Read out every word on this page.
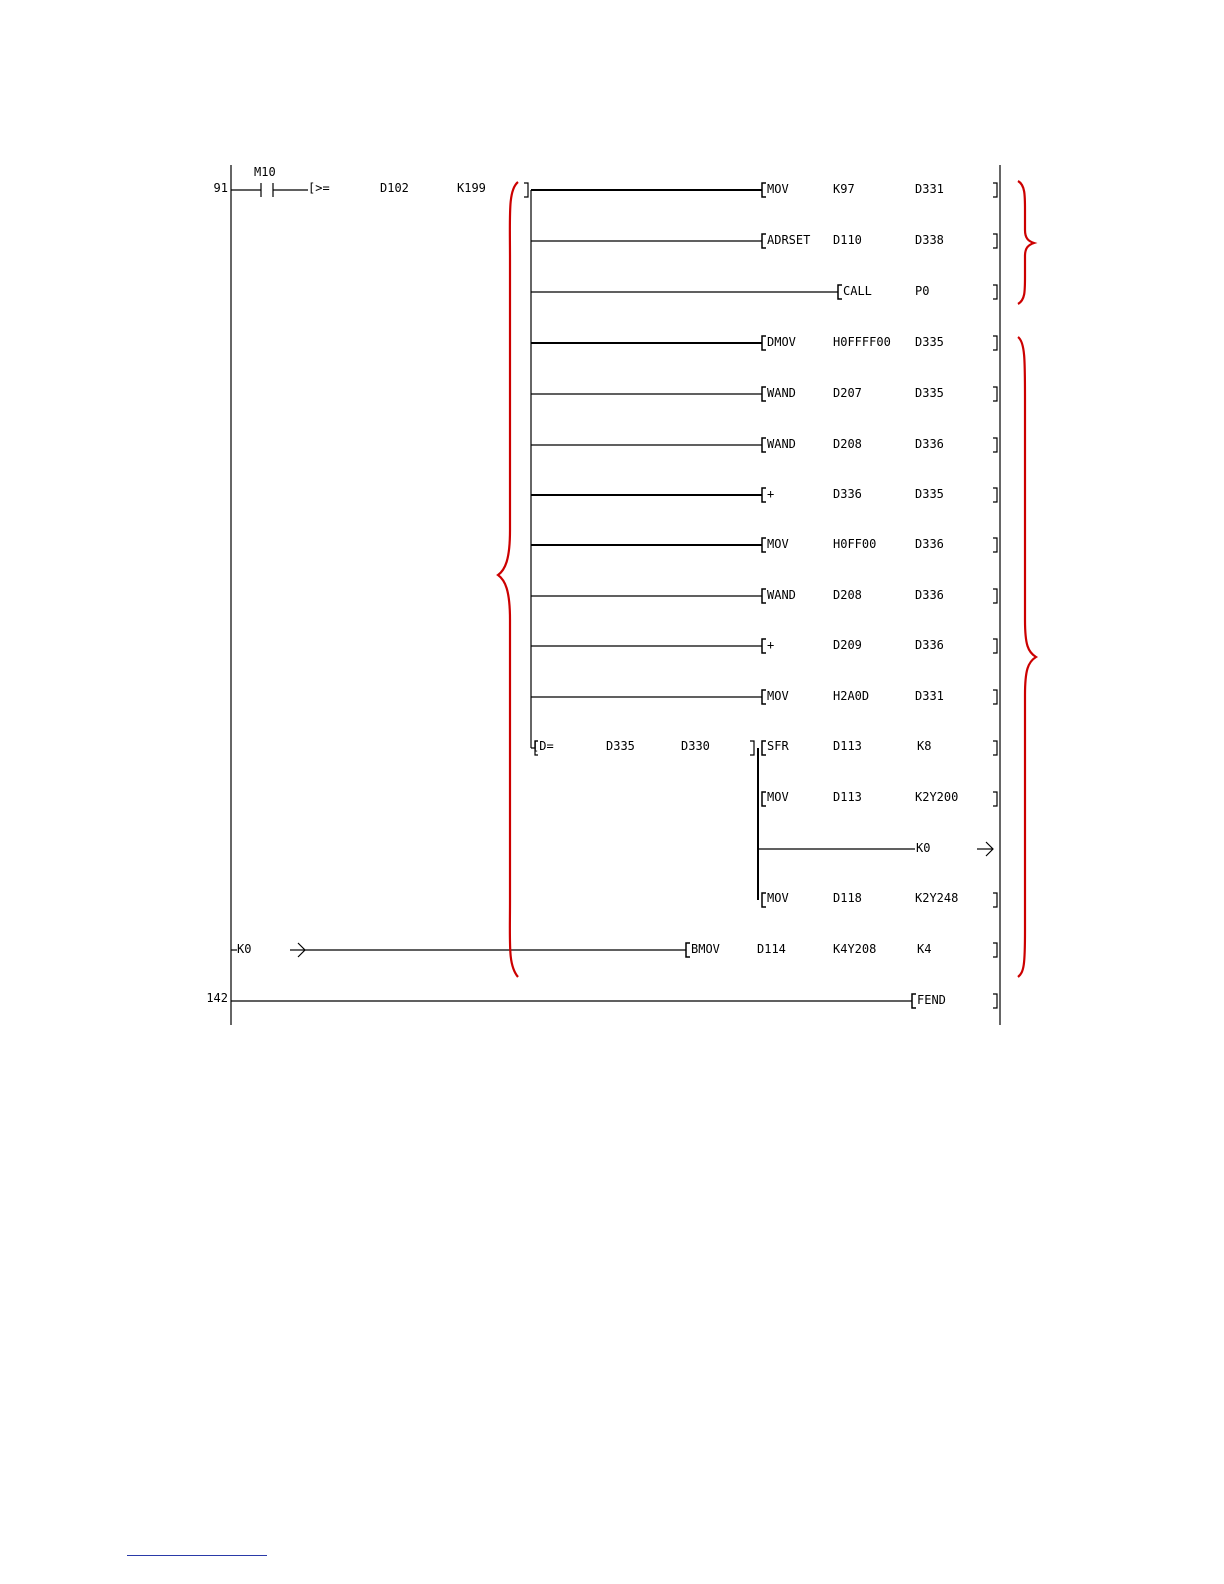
91
142
M10
[>=	D102	K199	MOV	K97	D331
ADRSET D110	D338
CALL	P0
DMOV	H0FFFF00 D335
WAND	D207	D335
WAND	D208	D336
+	D336	D335
MOV	H0FF00	D336
WAND	D208	D336
+	D209	D336
MOV	H2A0D	D331
[D=	D335	D330	SFR	D113	K8
MOV	D113	K2Y200
K0
MOV	D118	K2Y248
K0	BMOV	D114	K4Y208	K4
FEND
